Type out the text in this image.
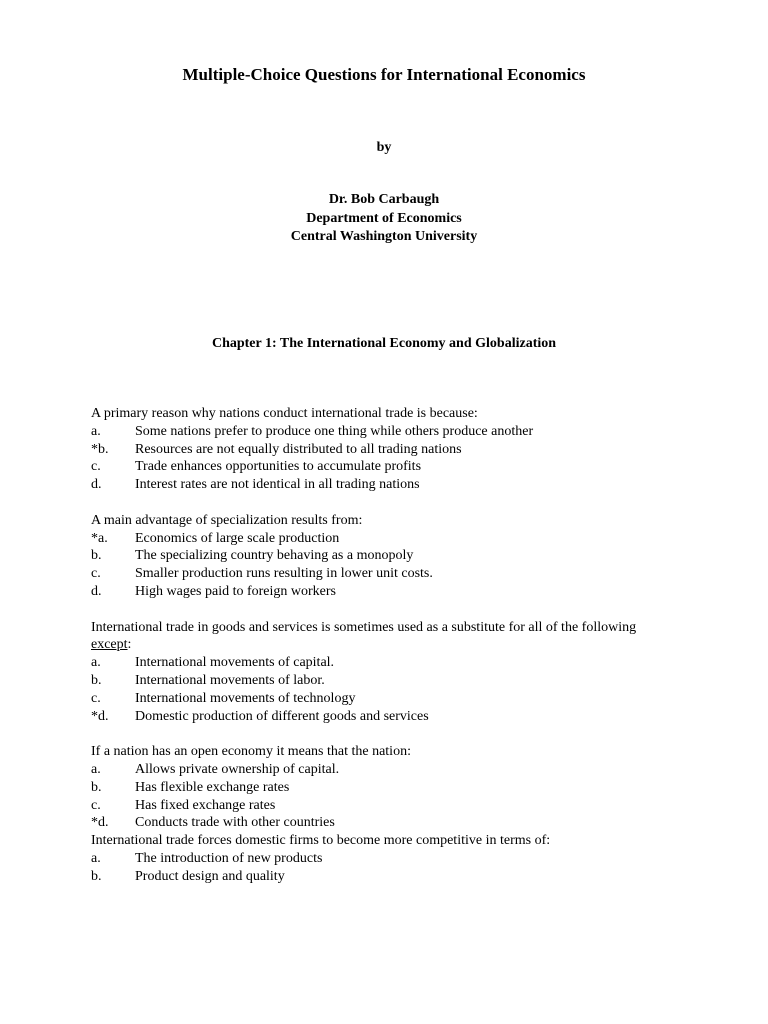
Multiple-Choice Questions for International Economics
by
Dr. Bob Carbaugh
Department of Economics
Central Washington University
Chapter 1: The International Economy and Globalization
A primary reason why nations conduct international trade is because:
a.	Some nations prefer to produce one thing while others produce another
*b.	Resources are not equally distributed to all trading nations
c.	Trade enhances opportunities to accumulate profits
d.	Interest rates are not identical in all trading nations
A main advantage of specialization results from:
*a.	Economics of large scale production
b.	The specializing country behaving as a monopoly
c.	Smaller production runs resulting in lower unit costs.
d.	High wages paid to foreign workers
International trade in goods and services is sometimes used as a substitute for all of the following
except:
a.	International movements of capital.
b.	International movements of labor.
c.	International movements of technology
*d.	Domestic production of different goods and services
If a nation has an open economy it means that the nation:
a.	Allows private ownership of capital.
b.	Has flexible exchange rates
c.	Has fixed exchange rates
*d.	Conducts trade with other countries
International trade forces domestic firms to become more competitive in terms of:
a.	The introduction of new products
b.	Product design and quality
